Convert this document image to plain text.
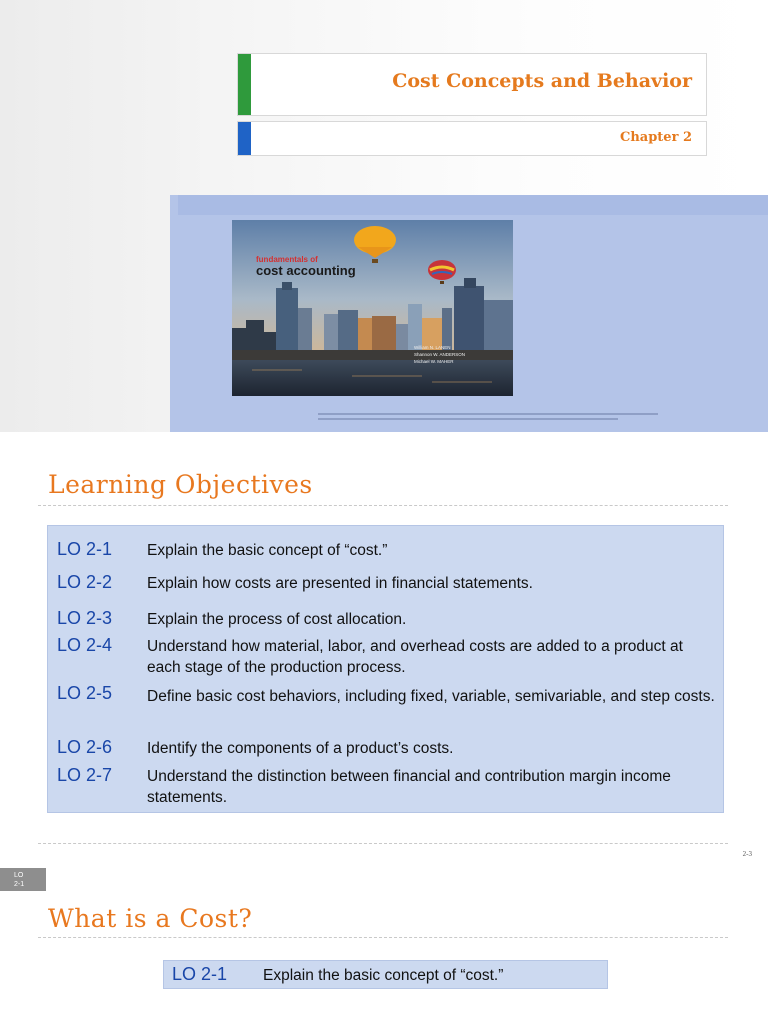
Cost Concepts and Behavior
Chapter 2
fundamentals of
cost accounting
William N. LANEN
Shannon W. ANDERSON
Michael W. MAHER
Learning Objectives
LO 2-1 Explain the basic concept of “cost.”
LO 2-2 Explain how costs are presented in financial statements.
LO 2-3 Explain the process of cost allocation.
LO 2-4 Understand how material, labor, and overhead costs are added to a product at each stage of the production process.
LO 2-5 Define basic cost behaviors, including fixed, variable, semivariable, and step costs.
LO 2-6 Identify the components of a product’s costs.
LO 2-7 Understand the distinction between financial and contribution margin income statements.
2-3
LO
2-1
What is a Cost?
LO 2-1 Explain the basic concept of “cost.”
